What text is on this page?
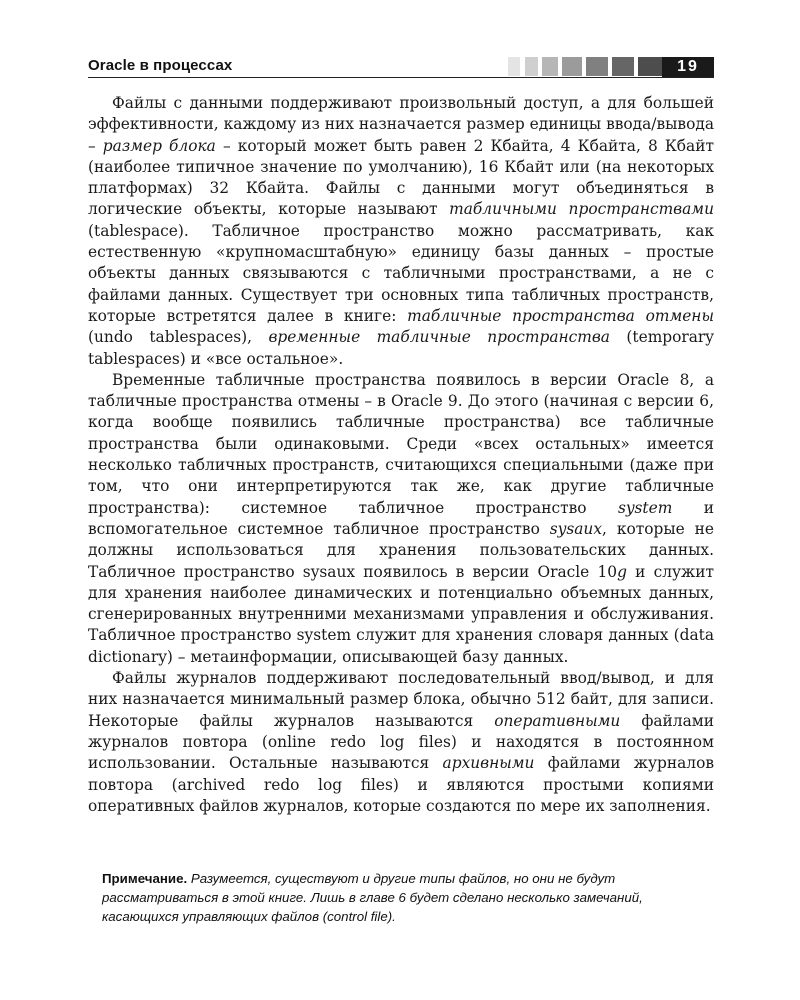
Oracle в процессах	19

Файлы с данными поддерживают произвольный доступ, а для большей эффективности, каждому из них назначается размер единицы ввода/вывода – размер блока – который может быть равен 2 Кбайта, 4 Кбайта, 8 Кбайт (наиболее типичное значение по умолчанию), 16 Кбайт или (на некоторых платформах) 32 Кбайта. Файлы с данными могут объединяться в логические объекты, которые называют табличными пространствами (tablespace). Табличное пространство можно рассматривать, как естественную «крупномасштабную» единицу базы данных – простые объекты данных связываются с табличными пространствами, а не с файлами данных. Существует три основных типа табличных пространств, которые встретятся далее в книге: табличные пространства отмены (undo tablespaces), временные табличные пространства (temporary tablespaces) и «все остальное».

Временные табличные пространства появилось в версии Oracle 8, а табличные пространства отмены – в Oracle 9. До этого (начиная с версии 6, когда вообще появились табличные пространства) все табличные пространства были одинаковыми. Среди «всех остальных» имеется несколько табличных пространств, считающихся специальными (даже при том, что они интерпретируются так же, как другие табличные пространства): системное табличное пространство system и вспомогательное системное табличное пространство sysaux, которые не должны использоваться для хранения пользовательских данных. Табличное пространство sysaux появилось в версии Oracle 10g и служит для хранения наиболее динамических и потенциально объемных данных, сгенерированных внутренними механизмами управления и обслуживания. Табличное пространство system служит для хранения словаря данных (data dictionary) – метаинформации, описывающей базу данных.

Файлы журналов поддерживают последовательный ввод/вывод, и для них назначается минимальный размер блока, обычно 512 байт, для записи. Некоторые файлы журналов называются оперативными файлами журналов повтора (online redo log files) и находятся в постоянном использовании. Остальные называются архивными файлами журналов повтора (archived redo log files) и являются простыми копиями оперативных файлов журналов, которые создаются по мере их заполнения.

Примечание. Разумеется, существуют и другие типы файлов, но они не будут рассматриваться в этой книге. Лишь в главе 6 будет сделано несколько замечаний, касающихся управляющих файлов (control file).
